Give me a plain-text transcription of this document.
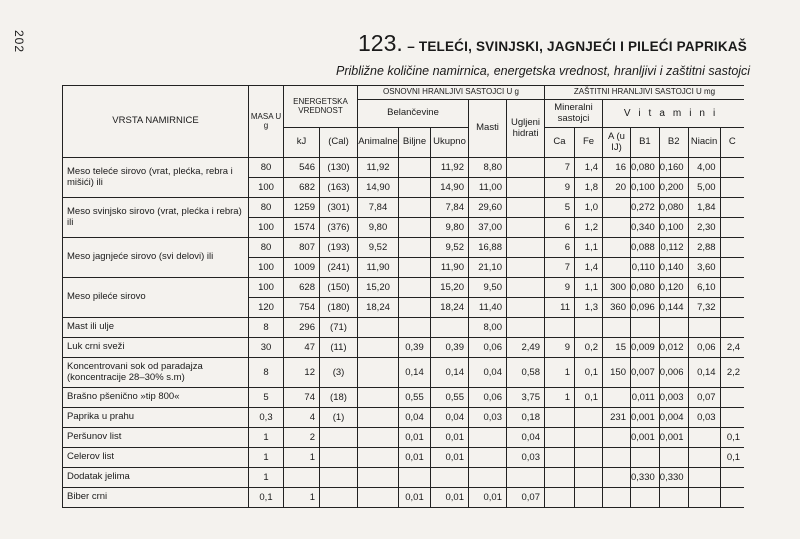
202	123. – TELEĆI, SVINJSKI, JAGNJEĆI I PILEĆI PAPRIKAŠ
Približne količine namirnica, energetska vrednost, hranljivi i zaštitni sastojci
VRSTA NAMIRNICE	MASA U g	ENERGETSKA VREDNOST		OSNOVNI HRANLJIVI SASTOJCI U g					ZAŠTITNI HRANLJIVI SASTOJCI U mg						
				Belančevine			Masti	Ugljeni hidrati	Mineralni sastojci		Vitamini				
		kJ	(Cal)	Animalne	Biljne	Ukupno			Ca	Fe	A (u IJ)	B1	B2	Niacin	C
Meso teleće sirovo (vrat, plećka, rebra i mišići) ili	80	546	(130)	11,92		11,92	8,80		7	1,4	16	0,080	0,160	4,00	
	100	682	(163)	14,90		14,90	11,00		9	1,8	20	0,100	0,200	5,00	
Meso svinjsko sirovo (vrat, plećka i rebra) ili	80	1259	(301)	7,84		7,84	29,60		5	1,0		0,272	0,080	1,84	
	100	1574	(376)	9,80		9,80	37,00		6	1,2		0,340	0,100	2,30	
Meso jagnjeće sirovo (svi delovi) ili	80	807	(193)	9,52		9,52	16,88		6	1,1		0,088	0,112	2,88	
	100	1009	(241)	11,90		11,90	21,10		7	1,4		0,110	0,140	3,60	
Meso pileće sirovo	100	628	(150)	15,20		15,20	9,50		9	1,1	300	0,080	0,120	6,10	
	120	754	(180)	18,24		18,24	11,40		11	1,3	360	0,096	0,144	7,32	
Mast ili ulje	8	296	(71)				8,00								
Luk crni sveži	30	47	(11)		0,39	0,39	0,06	2,49	9	0,2	15	0,009	0,012	0,06	2,4
Koncentrovani sok od paradajza (koncentracije 28–30% s.m)	8	12	(3)		0,14	0,14	0,04	0,58	1	0,1	150	0,007	0,006	0,14	2,2
Brašno pšenično »tip 800«	5	74	(18)		0,55	0,55	0,06	3,75	1	0,1		0,011	0,003	0,07	
Paprika u prahu	0,3	4	(1)		0,04	0,04	0,03	0,18			231	0,001	0,004	0,03	
Peršunov list	1	2			0,01	0,01		0,04				0,001	0,001		0,1
Celerov list	1	1			0,01	0,01		0,03							0,1
Dodatak jelima	1											0,330	0,330		
Biber crni	0,1	1			0,01	0,01	0,01	0,07							
